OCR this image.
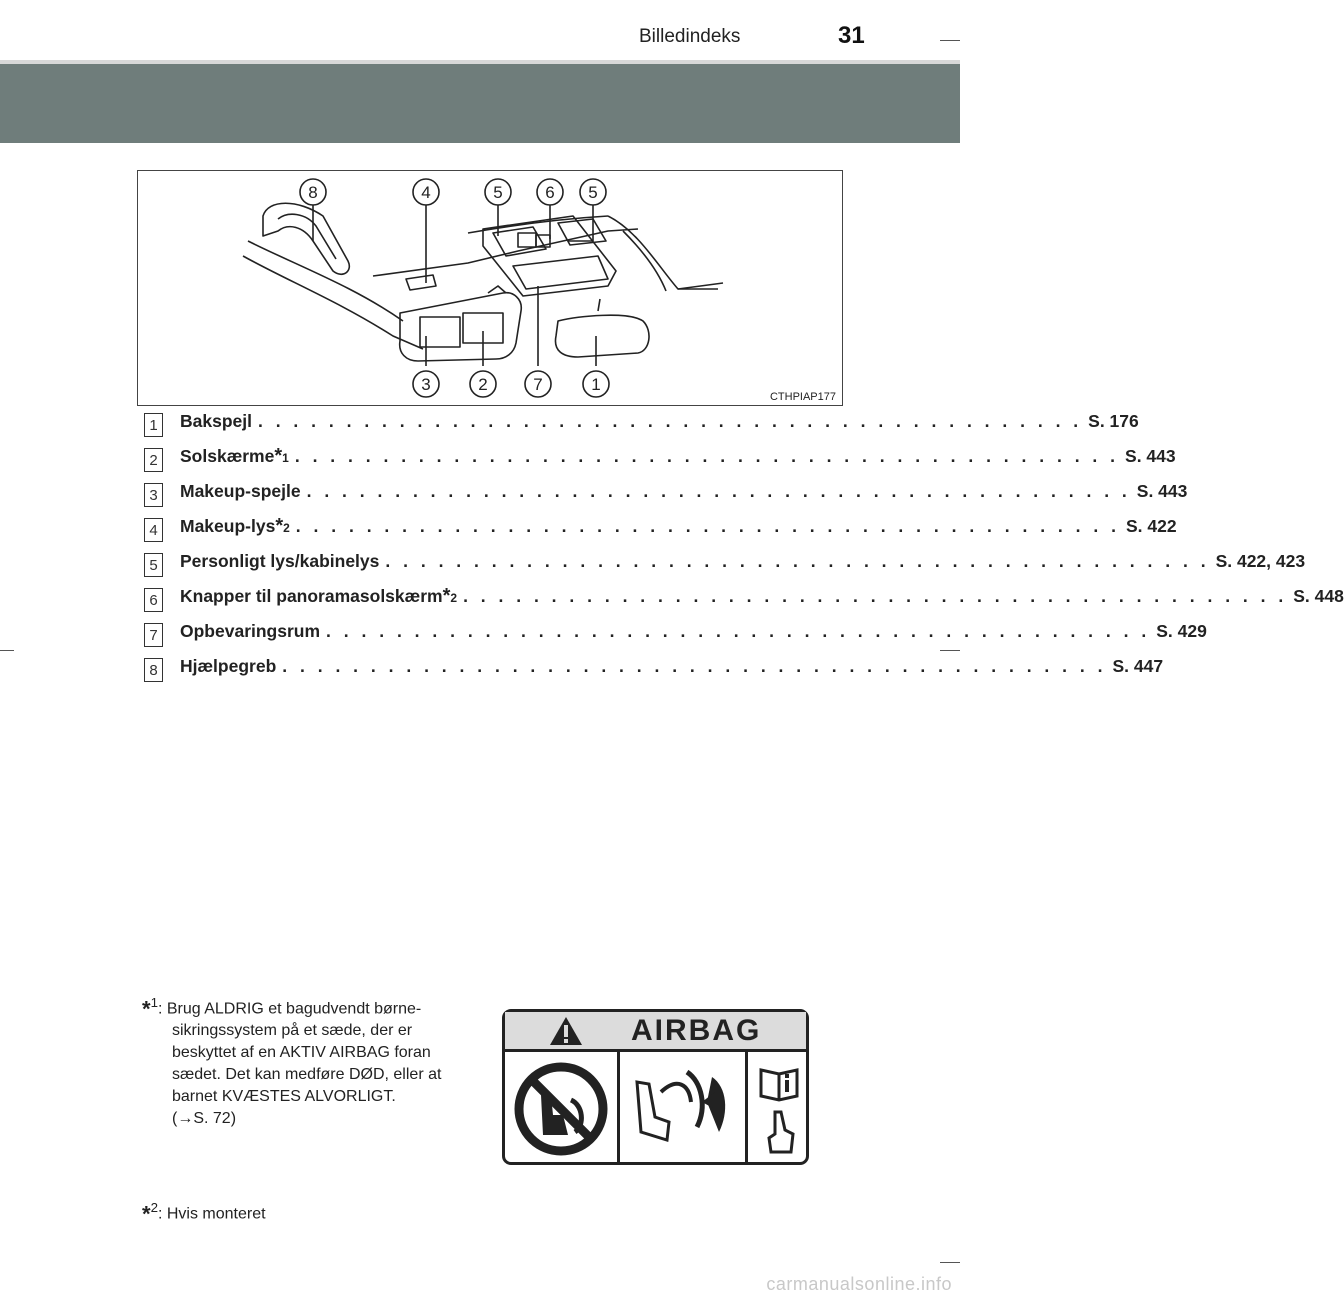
Billedindeks	31
8	4	5	6 5
3	2	7	1
CTHPIAP177
1	Bakspejl . . . . . . . . . . . . . . . . . . . . . . . . . . . . . . . . . . . . . . . . . . . . . . . S. 176
2	Solskærme *1 . . . . . . . . . . . . . . . . . . . . . . . . . . . . . . . . . . . . . . . . . . . . . . . S. 443
3	Makeup-spejle . . . . . . . . . . . . . . . . . . . . . . . . . . . . . . . . . . . . . . . . . . . . . . . S. 443
4	Makeup-lys *2 . . . . . . . . . . . . . . . . . . . . . . . . . . . . . . . . . . . . . . . . . . . . . . . S. 422
5	Personligt lys/kabinelys . . . . . . . . . . . . . . . . . . . . . . . . . . . . . . . . . . . . . . . . . . . . . . . S. 422, 423
6	Knapper til panoramasolskærm *2 . . . . . . . . . . . . . . . . . . . . . . . . . . . . . . . . . . . . . . . . . . . . . . . S. 448
7	Opbevaringsrum . . . . . . . . . . . . . . . . . . . . . . . . . . . . . . . . . . . . . . . . . . . . . . . S. 429
8	Hjælpegreb . . . . . . . . . . . . . . . . . . . . . . . . . . . . . . . . . . . . . . . . . . . . . . . S. 447
*$^1$: Brug ALDRIG et bagudvendt børne-
sikringssystem på et sæde, der er
beskyttet af en AKTIV AIRBAG foran
sædet. Det kan medføre DØD, eller at
barnet KVÆSTES ALVORLIGT.
(→S. 72)
AIRBAG
*$^2$: Hvis monteret
carmanualsonline.info
